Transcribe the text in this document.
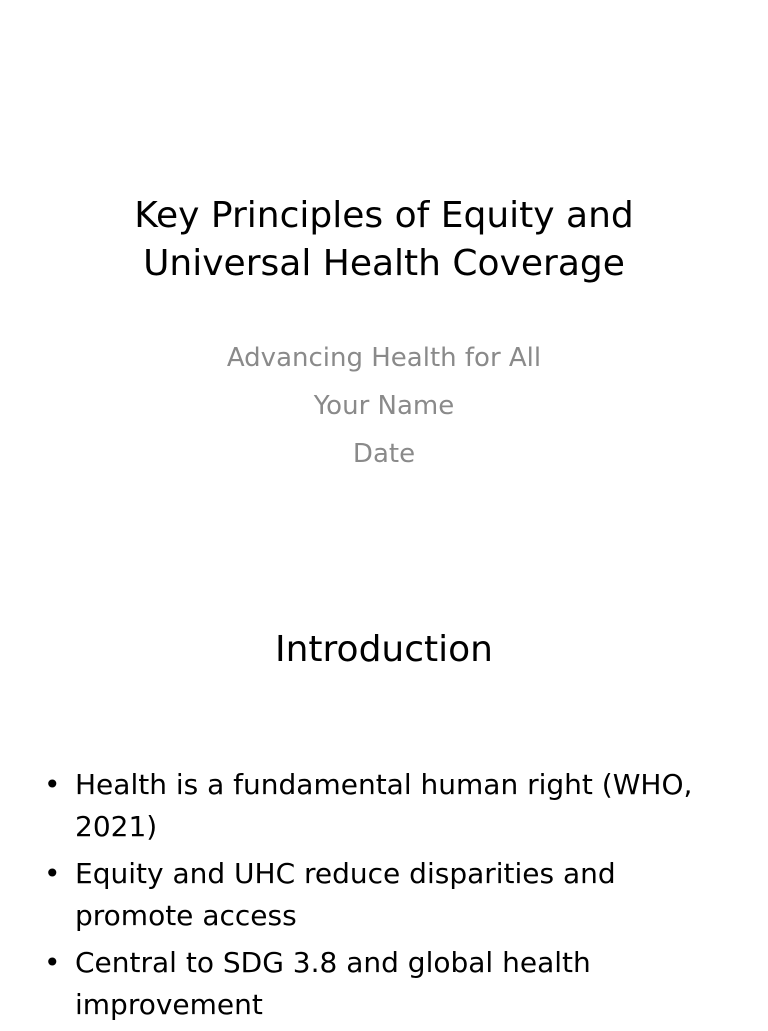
Key Principles of Equity and
Universal Health Coverage
Advancing Health for All
Your Name
Date
Introduction
• Health is a fundamental human right (WHO, 2021)
• Equity and UHC reduce disparities and promote access
• Central to SDG 3.8 and global health improvement
